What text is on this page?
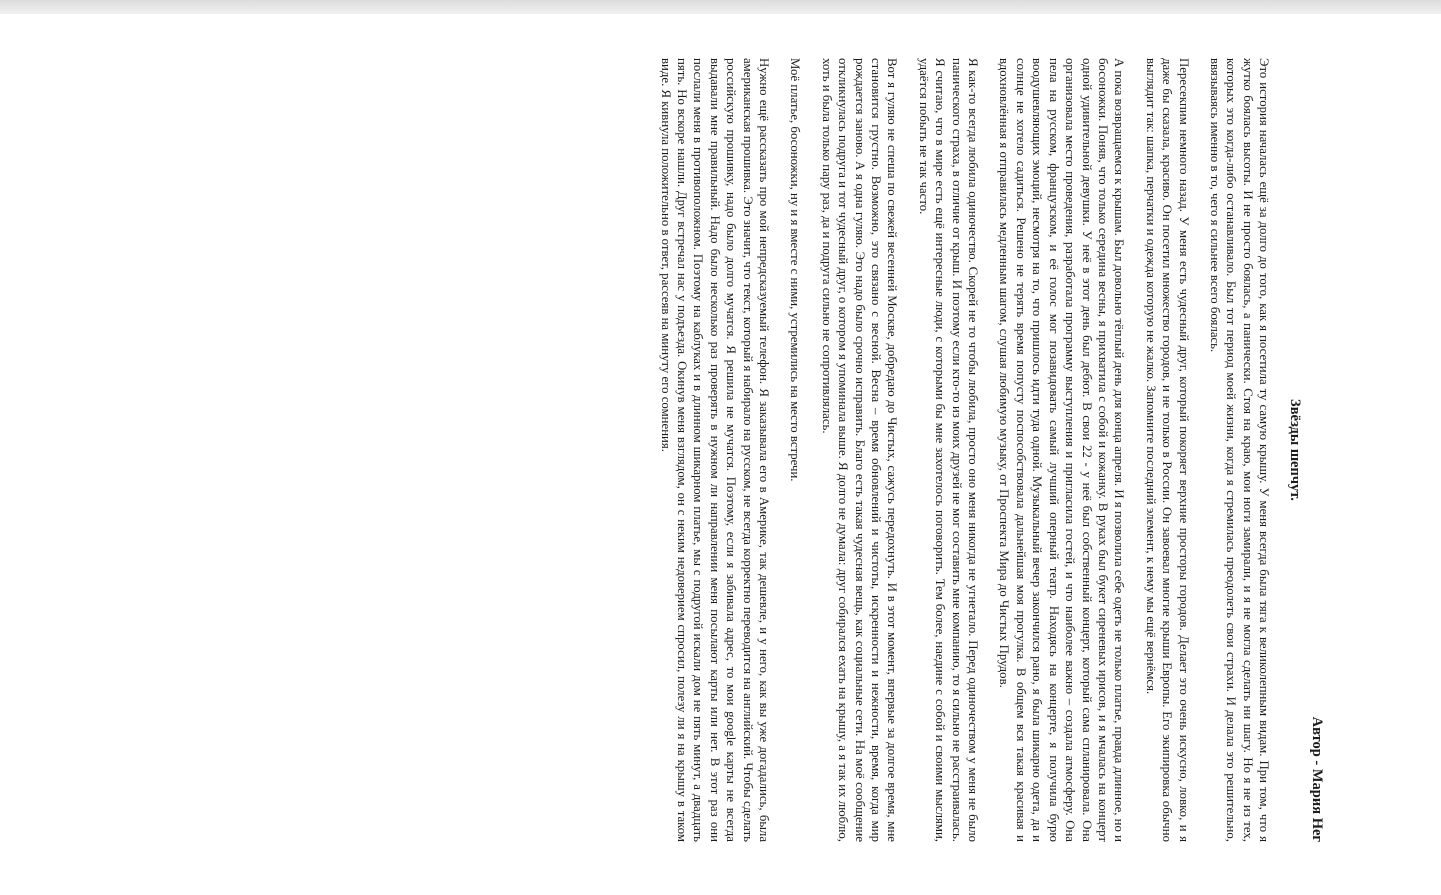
Автор - Мария Нег
Звёзды шепчут.

Это история началась ещё за долго до того, как я посетила ту самую крышу. У меня всегда была тяга к великолепным видам. При том, что я жутко боялась высоты. И не просто боялась, а панически. Стоя на краю, мои ноги замирали, и я не могла сделать ни шагу. Но я не из тех, которых это когда-либо останавливало. Был тот период моей жизни, когда я стремилась преодолеть свои страхи. И делала это решительно, ввязываясь именно в то, чего я сильнее всего боялась.

Пересекпим немного назад. У меня есть чудесный друг, который покоряет верхние просторы городов. Делает это очень искусно, ловко, и я даже бы сказала, красиво. Он посетил множество городов, и не только в России. Он завоевал многие крыши Европы. Его экипировка обычно выглядит так: шапка, перчатки и одежда которую не жалко. Запомните последний элемент, к нему мы ещё вернёмся.

А пока возвращаемся к крышам. Был довольно тёплый день для конца апреля. И я позволила себе одеть не только платье, правда длинное, но и босоножки. Поняв, что только середина весны, я прихватила с собой и кожанку. В руках был букет сиреневых ирисов, и я мчалась на концерт одной удивительной девушки. У неё в этот день был дебют. В свои 22 - у неё был собственный концерт, который сама спланировала. Она организовала место проведения, разработала программу выступления и пригласила гостей, и что наиболее важно – создала атмосферу. Она пела на русском, французском, и её голос мог позавидовать самый лучший оперный театр. Находясь на концерте, я получила бурю воодушевляющих эмоций, несмотря на то, что пришлось идти туда одной. Музыкальный вечер закончился рано, я была шикарно одета, да и солнце не хотело садиться. Решено не терять время попусту поспособствовала дальнейшая моя прогулка. В общем вся такая красивая и вдохновлённая я отправилась медленным шагом, слушая любимую музыку, от Проспекта Мира до Чистых Прудов.

Я как-то всегда любила одиночество. Скорей не то чтобы любила, просто оно меня никогда не угнетало. Перед одиночеством у меня не было панического страха, в отличие от крыш. И поэтому если кто-то из моих друзей не мог составить мне компанию, то я сильно не расстраивалась. Я считаю, что в мире есть ещё интересные люди, с которыми бы мне захотелось поговорить. Тем более, наедине с собой и своими мыслями, удаётся побыть не так часто.

Вот я гуляю не спеша по свежей весенней Москве, добредаю до Чистых, сажусь передохнуть. И в этот момент, впервые за долгое время, мне становится грустно. Возможно, это связано с весной. Весна – время обновлений и чистоты, искренности и нежности, время, когда мир рождается заново. А я одна гуляю. Это надо было срочно исправить. Благо есть такая чудесная вещь, как социальные сети. На моё сообщение откликнулась подруга и тот чудесный друг, о котором я упоминала выше. Я долго не думала: друг собирался ехать на крышу, а я так их люблю, хоть и была только пару раз, да и подруга сильно не сопротивлялась.

Моё платье, босоножки, ну и я вместе с ними, устремились на место встречи.

Нужно ещё рассказать про мой непредсказуемый телефон. Я заказывала его в Америке, так дешевле, и у него, как вы уже догадались, была американская прошивка. Это значит, что текст, который я набирало на русском, не всегда корректно переводится на английский. Чтобы сделать российскую прошивку, надо было долго мучатся. Я решила не мучатся. Поэтому, если я забивала адрес, то мои google карты не всегда выдавали мне правильный. Надо было несколько раз проверять в нужном ли направлении меня посылают карты или нет. В этот раз они послали меня в противоположном. Поэтому на каблуках и в длинном шикарном платье, мы с подругой искали дом не пять минут, а двадцать пять. Но вскоре нашли. Друг встречал нас у подъезда. Окинув меня взглядом, он с неким недоверием спросил, полезу ли я на крышу в таком виде. Я кивнула положительно в ответ, рассеяв на минуту его сомнения.
